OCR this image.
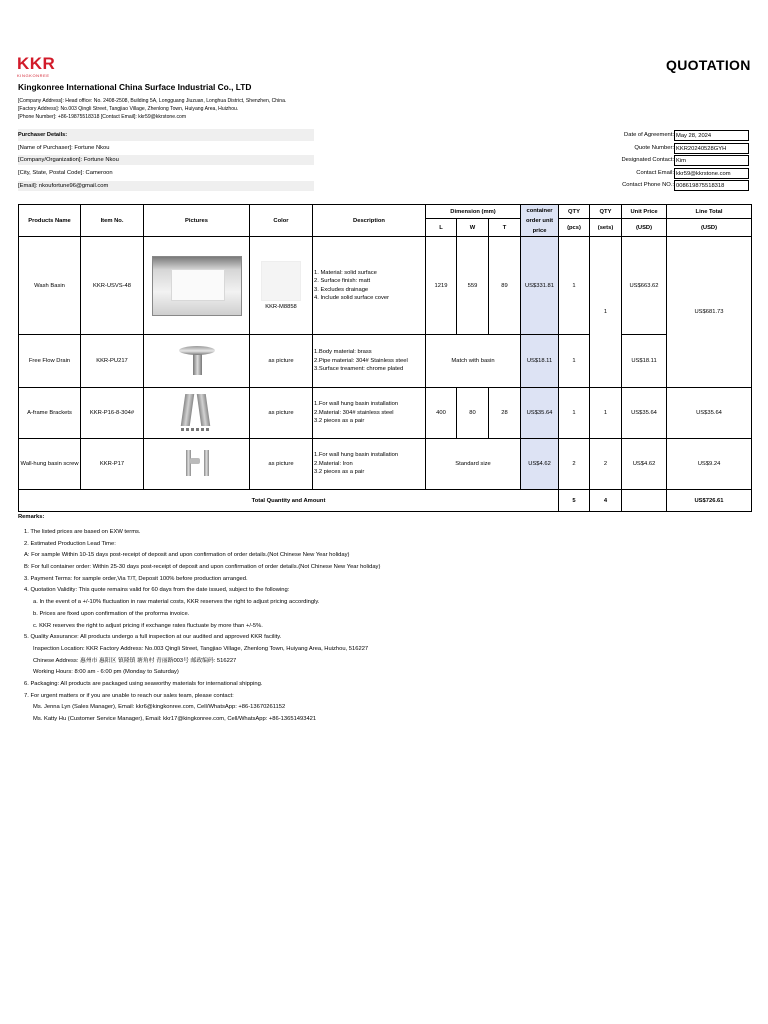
KKR
KINGKONREE
QUOTATION
Kingkonree International China Surface Industrial Co., LTD
[Company Address]: Head office: No. 2408-2508, Building 5A, Longguang Jiuzuan, Longhua District, Shenzhen, China.
[Factory Address]: No.003 Qingli Street, Tangjiao Village, Zhenlong Town, Huiyang Area, Huizhou.
[Phone Number]: +86-19875518318 [Contact Email]: kkr59@kkrstone.com
Purchaser Details:
[Name of Purchaser]: Fortune Nkou
[Company/Organization]: Fortune Nkou
[City, State, Postal Code]: Cameroon
[Email]: nkoufortune96@gmail.com
Date of Agreement: May 28, 2024
Quote Number: KKR20240528GYH
Designated Contact: Kim
Contact Email: kkr59@kkrstone.com
Contact Phone NO.: 008619875518318
Products Name	Item No.	Pictures	Color	Description	Dimension (mm)			container order unit price	QTY	QTY	Unit Price	Line Total
					L	W	T		(pcs)	(sets)	(USD)	(USD)
Wash Basin	KKR-USVS-48		KKR-M8858	1. Material: solid surface
2. Surface finish: matt
3. Excludes drainage
4. Include solid surface cover	1219	559	89	US$331.81	1	1	US$663.62	US$681.73
Free Flow Drain	KKR-PU217		as picture	1.Body material: brass
2.Pipe material: 304# Stainless steel
3.Surface treament: chrome plated	Match with basin			US$18.11	1		US$18.11	
A-frame Brackets	KKR-P16-8-304#		as picture	1.For wall hung basin installation
2.Material: 304# stainless steel
3.2 pieces as a pair	400	80	28	US$35.64	1	1	US$35.64	US$35.64
Wall-hung basin screw	KKR-P17		as picture	1.For wall hung basin installation
2.Material: Iron
3.2 pieces as a pair	Standard size			US$4.62	2	2	US$4.62	US$9.24
Total Quantity and Amount									5	4		US$726.61
Remarks:
1. The listed prices are based on EXW terms.
2. Estimated Production Lead Time:
A: For sample Within 10-15 days post-receipt of deposit and upon confirmation of order details.(Not Chinese New Year holiday)
B: For full container order: Within 25-30 days post-receipt of deposit and upon confirmation of order details.(Not Chinese New Year holiday)
3. Payment Terms: for sample order,Via T/T, Deposit 100% before production arranged.
4. Quotation Validity: This quote remains valid for 60 days from the date issued, subject to the following:
a. In the event of a +/-10% fluctuation in raw material costs, KKR reserves the right to adjust pricing accordingly.
b. Prices are fixed upon confirmation of the proforma invoice.
c. KKR reserves the right to adjust pricing if exchange rates fluctuate by more than +/-5%.
5. Quality Assurance: All products undergo a full inspection at our audited and approved KKR facility.
Inspection Location: KKR Factory Address: No.003 Qingli Street, Tangjiao Village, Zhenlong Town, Huiyang Area, Huizhou, 516227
Chinese Address: 惠州市 惠阳区 镇隆镇 塘角村 青丽路003号 邮政编码: 516227
Working Hours: 8:00 am - 6:00 pm (Monday to Saturday)
6. Packaging: All products are packaged using seaworthy materials for international shipping.
7. For urgent matters or if you are unable to reach our sales team, please contact:
Ms. Jenna Lyn (Sales Manager), Email: kkr6@kingkonree.com, Cell/WhatsApp: +86-13670261152
Ms. Katty Hu (Customer Service Manager), Email: kkr17@kingkonree.com, Cell/WhatsApp: +86-13651493421
